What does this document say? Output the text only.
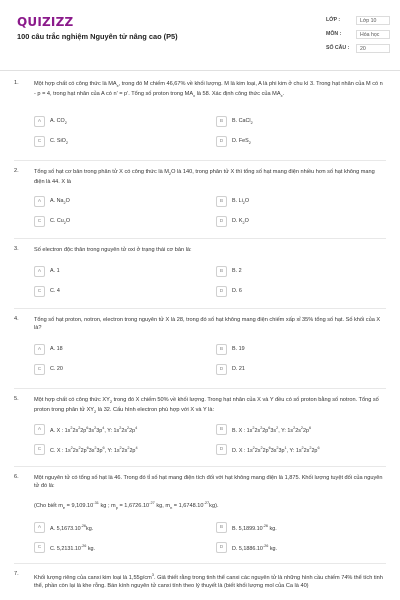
QUIZIZZ
100 câu trắc nghiệm Nguyên tử nâng cao (P5)
LỚP :	Lớp 10
MÔN :	Hóa học
SỐ CÂU :	20
1.	Một hợp chất có công thức là $MA_x$, trong đó M chiếm 46,67% về khối lượng. M là kim loại, A là phi kim ở chu kì 3. Trong hạt nhân của M có n - p = 4, trong hạt nhân của A có n' = p'. Tổng số proton trong $MA_x$ là 58. Xác định công thức của $MA_x$.
A	A. $CO_2$	B	B. CaCl$_2$
C	C. SiO$_2$	D	D. FeS$_2$
2.	Tổng số hạt cơ bản trong phân tử X có công thức là $M_2O$ là 140, trong phân tử X thì tổng số hạt mang điện nhiều hơn số hạt không mang điện là 44. X là
A	A. $Na_2O$	B	B. $Li_2O$
C	C. $Cu_2O$	D	D. $K_2O$
3.	Số electron độc thân trong nguyên tử oxi ở trạng thái cơ bản là:
A	A. 1	B	B. 2
C	C. 4	D	D. 6
4.	Tổng số hạt proton, notron, electron trong nguyên tử X là 28, trong đó số hạt không mang điện chiếm xấp xỉ 35% tổng số hạt. Số khối của X là?
A	A. 18	B	B. 19
C	C. 20	D	D. 21
5.	Một hợp chất có công thức $XY_2$ trong đó X chiếm 50% về khối lượng. Trong hạt nhân của X và Y đều có số proton bằng số notron. Tổng số proton trong phân tử $XY_2$ là 32. Cấu hình electron phù hợp với X và Y là:
A	A. X : $1s^22s^22p^63s^23p^4$, Y: $1s^22s^22p^4$	B	B. X : $1s^22s^22p^63s^2$, Y: $1s^22s^22p^6$
C	C. X : $1s^22s^22p^63s^23p^6$, Y: $1s^22s^22p^4$	D	D. X : $1s^22s^22p^63s^23p^1$, Y: $1s^22s^22p^6$
6.	Một nguyên tử có tổng số hạt là 46. Trong đó tỉ số hạt mang điện tích đối với hạt không mang điện là 1,875. Khối lượng tuyệt đối của nguyên tử đó là:

(Cho biết $m_e = 9,109.10^{-31}$ kg ; $m_p = 1,6726.10^{-27}$ kg, $m_n = 1,6748.10^{-27}kg$).
A	A. $5,1673.10^{-26}kg$.	B	B. $5,1899.10^{-26}$ kg.
C	C. $5,2131.10^{-26}$ kg.	D	D. $5,1886.10^{-26}$ kg.
7.
Khối lượng riêng của canxi kim loại là $1,55g/cm^3$. Giả thiết rằng trong tinh thể canxi các nguyên tử là những hình cầu chiếm 74% thể tích tinh thể, phần còn lại là khe rỗng. Bán kính nguyên tử canxi tính theo lý thuyết là (biết khối lượng mol của Ca là 40)
